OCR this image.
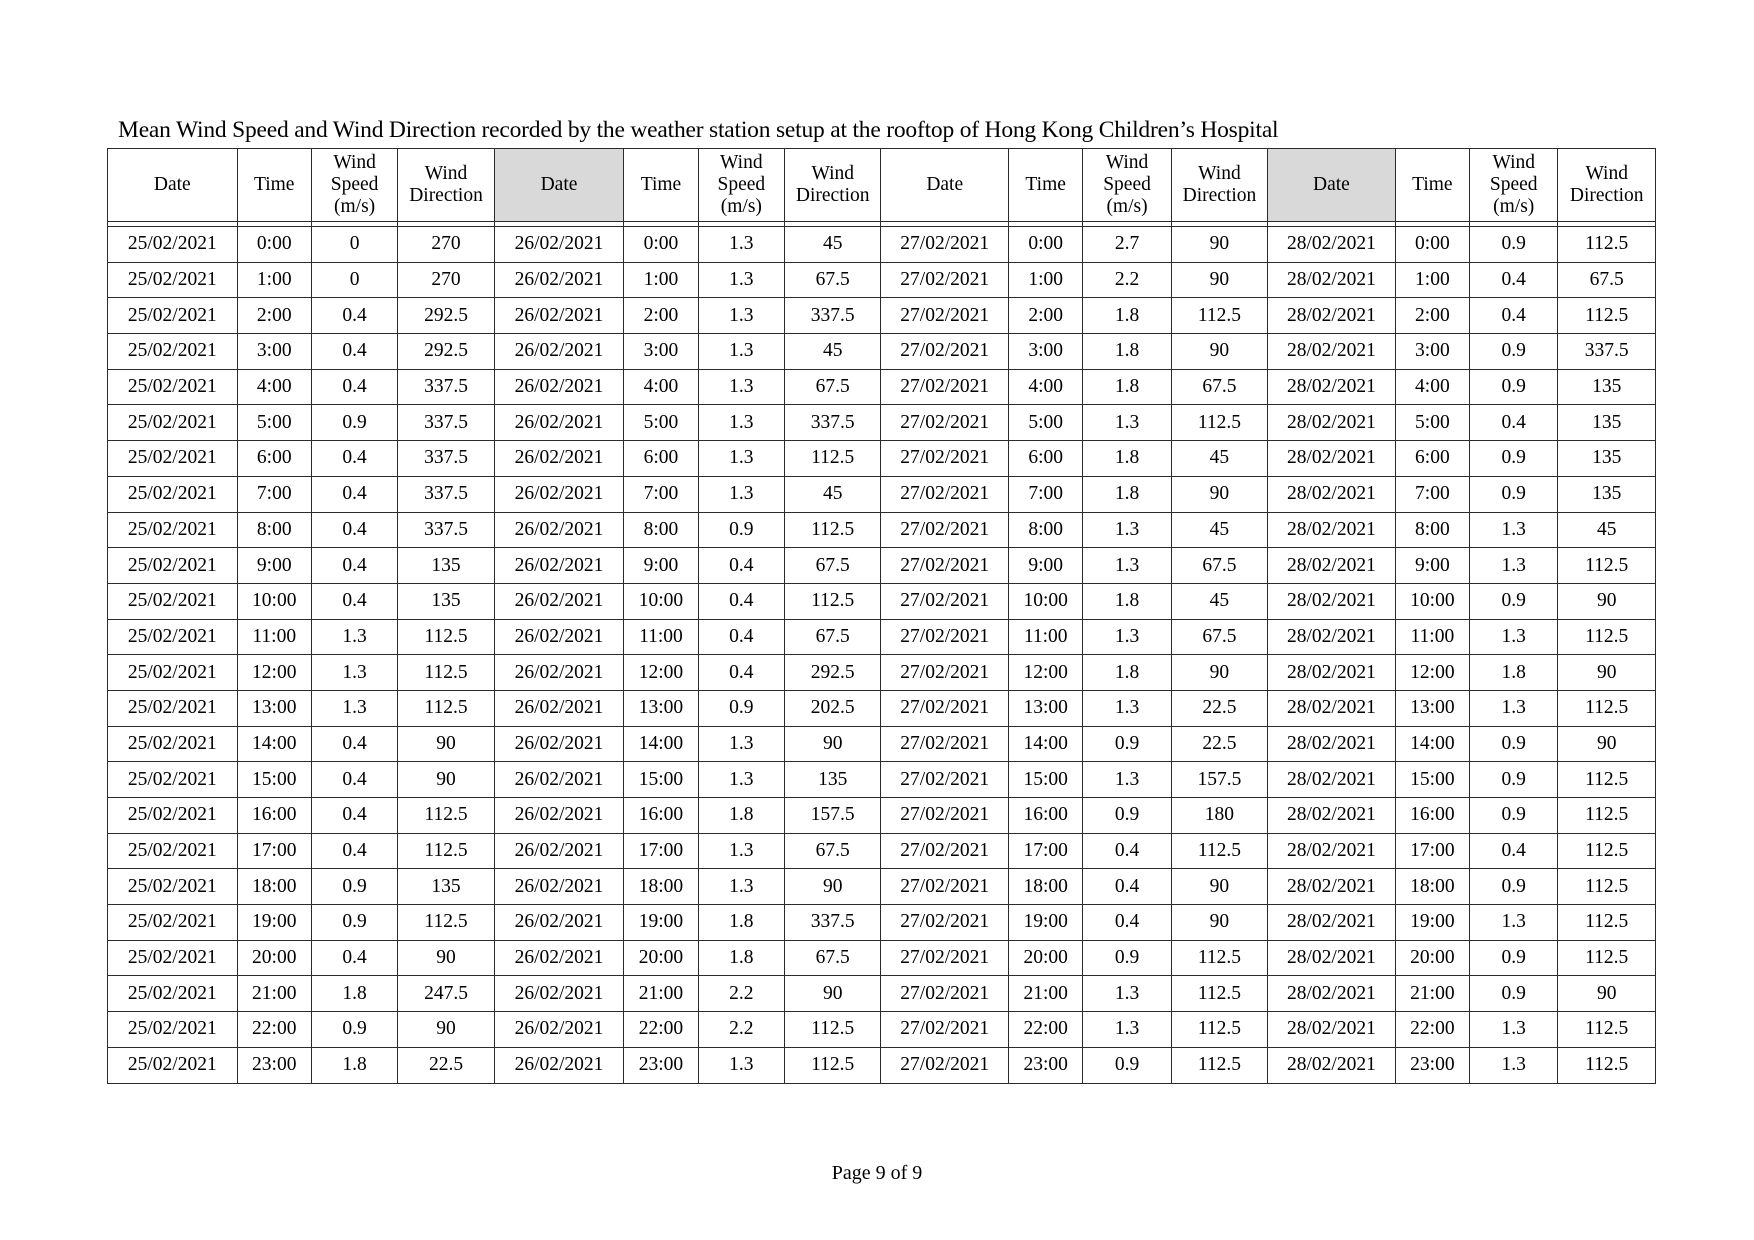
Mean Wind Speed and Wind Direction recorded by the weather station setup at the rooftop of Hong Kong Children’s Hospital
Date	Time	Wind
Speed
(m/s)	Wind
Direction	Date	Time	Wind
Speed
(m/s)	Wind
Direction	Date	Time	Wind
Speed
(m/s)	Wind
Direction	Date	Time	Wind
Speed
(m/s)	Wind
Direction

25/02/2021	0:00	0	270	26/02/2021	0:00	1.3	45	27/02/2021	0:00	2.7	90	28/02/2021	0:00	0.9	112.5
25/02/2021	1:00	0	270	26/02/2021	1:00	1.3	67.5	27/02/2021	1:00	2.2	90	28/02/2021	1:00	0.4	67.5
25/02/2021	2:00	0.4	292.5	26/02/2021	2:00	1.3	337.5	27/02/2021	2:00	1.8	112.5	28/02/2021	2:00	0.4	112.5
25/02/2021	3:00	0.4	292.5	26/02/2021	3:00	1.3	45	27/02/2021	3:00	1.8	90	28/02/2021	3:00	0.9	337.5
25/02/2021	4:00	0.4	337.5	26/02/2021	4:00	1.3	67.5	27/02/2021	4:00	1.8	67.5	28/02/2021	4:00	0.9	135
25/02/2021	5:00	0.9	337.5	26/02/2021	5:00	1.3	337.5	27/02/2021	5:00	1.3	112.5	28/02/2021	5:00	0.4	135
25/02/2021	6:00	0.4	337.5	26/02/2021	6:00	1.3	112.5	27/02/2021	6:00	1.8	45	28/02/2021	6:00	0.9	135
25/02/2021	7:00	0.4	337.5	26/02/2021	7:00	1.3	45	27/02/2021	7:00	1.8	90	28/02/2021	7:00	0.9	135
25/02/2021	8:00	0.4	337.5	26/02/2021	8:00	0.9	112.5	27/02/2021	8:00	1.3	45	28/02/2021	8:00	1.3	45
25/02/2021	9:00	0.4	135	26/02/2021	9:00	0.4	67.5	27/02/2021	9:00	1.3	67.5	28/02/2021	9:00	1.3	112.5
25/02/2021	10:00	0.4	135	26/02/2021	10:00	0.4	112.5	27/02/2021	10:00	1.8	45	28/02/2021	10:00	0.9	90
25/02/2021	11:00	1.3	112.5	26/02/2021	11:00	0.4	67.5	27/02/2021	11:00	1.3	67.5	28/02/2021	11:00	1.3	112.5
25/02/2021	12:00	1.3	112.5	26/02/2021	12:00	0.4	292.5	27/02/2021	12:00	1.8	90	28/02/2021	12:00	1.8	90
25/02/2021	13:00	1.3	112.5	26/02/2021	13:00	0.9	202.5	27/02/2021	13:00	1.3	22.5	28/02/2021	13:00	1.3	112.5
25/02/2021	14:00	0.4	90	26/02/2021	14:00	1.3	90	27/02/2021	14:00	0.9	22.5	28/02/2021	14:00	0.9	90
25/02/2021	15:00	0.4	90	26/02/2021	15:00	1.3	135	27/02/2021	15:00	1.3	157.5	28/02/2021	15:00	0.9	112.5
25/02/2021	16:00	0.4	112.5	26/02/2021	16:00	1.8	157.5	27/02/2021	16:00	0.9	180	28/02/2021	16:00	0.9	112.5
25/02/2021	17:00	0.4	112.5	26/02/2021	17:00	1.3	67.5	27/02/2021	17:00	0.4	112.5	28/02/2021	17:00	0.4	112.5
25/02/2021	18:00	0.9	135	26/02/2021	18:00	1.3	90	27/02/2021	18:00	0.4	90	28/02/2021	18:00	0.9	112.5
25/02/2021	19:00	0.9	112.5	26/02/2021	19:00	1.8	337.5	27/02/2021	19:00	0.4	90	28/02/2021	19:00	1.3	112.5
25/02/2021	20:00	0.4	90	26/02/2021	20:00	1.8	67.5	27/02/2021	20:00	0.9	112.5	28/02/2021	20:00	0.9	112.5
25/02/2021	21:00	1.8	247.5	26/02/2021	21:00	2.2	90	27/02/2021	21:00	1.3	112.5	28/02/2021	21:00	0.9	90
25/02/2021	22:00	0.9	90	26/02/2021	22:00	2.2	112.5	27/02/2021	22:00	1.3	112.5	28/02/2021	22:00	1.3	112.5
25/02/2021	23:00	1.8	22.5	26/02/2021	23:00	1.3	112.5	27/02/2021	23:00	0.9	112.5	28/02/2021	23:00	1.3	112.5
Page 9 of 9
